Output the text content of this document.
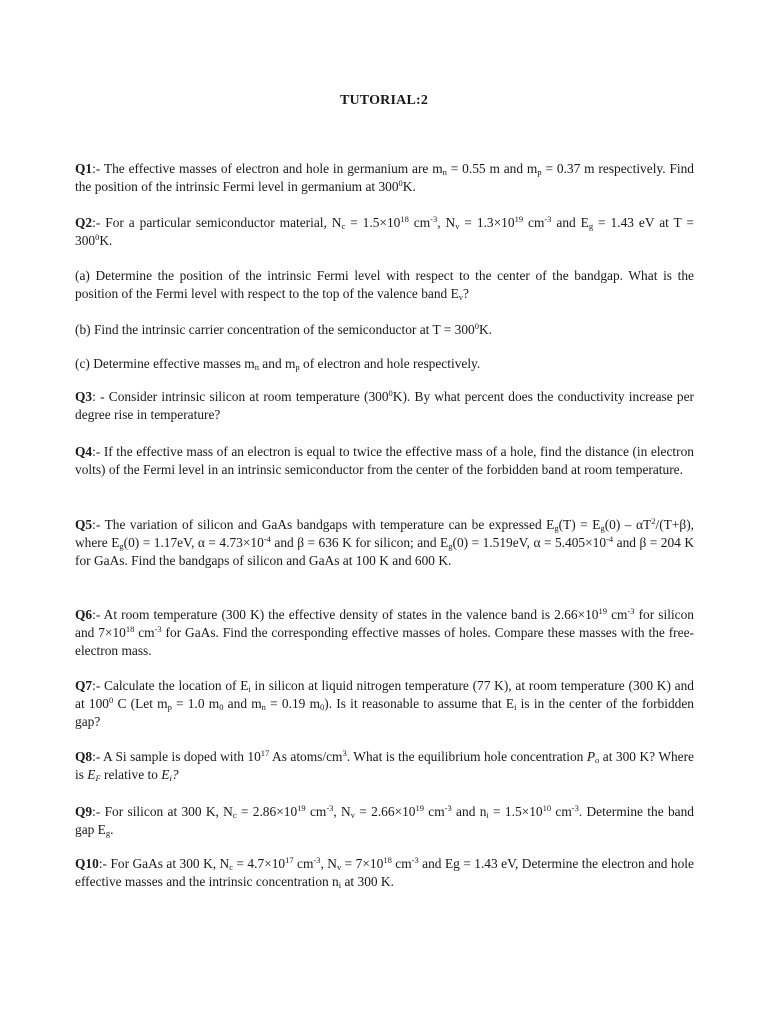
TUTORIAL:2

Q1:- The effective masses of electron and hole in germanium are $m_n = 0.55$ m and $m_p = 0.37$ m respectively. Find the position of the intrinsic Fermi level in germanium at $300^0K$.

Q2:- For a particular semiconductor material, $N_c = 1.5\times 10^{18}$ $cm^{-3}$, $N_v = 1.3\times 10^{19}$ $cm^{-3}$ and $E_g = 1.43$ eV at $T = 300^0K$.

(a) Determine the position of the intrinsic Fermi level with respect to the center of the bandgap. What is the position of the Fermi level with respect to the top of the valence band $E_v$?

(b) Find the intrinsic carrier concentration of the semiconductor at $T = 300^0K$.

(c) Determine effective masses $m_n$ and $m_p$ of electron and hole respectively.

Q3: - Consider intrinsic silicon at room temperature $(300^0K)$. By what percent does the conductivity increase per degree rise in temperature?

Q4:- If the effective mass of an electron is equal to twice the effective mass of a hole, find the distance (in electron volts) of the Fermi level in an intrinsic semiconductor from the center of the forbidden band at room temperature.

Q5:- The variation of silicon and GaAs bandgaps with temperature can be expressed $E_g(T) = E_g(0) - \alpha T^2/(T+\beta)$, where $E_g(0) = 1.17eV$, $\alpha = 4.73\times 10^{-4}$ and β = 636 K for silicon; and $E_g(0) = 1.519eV$, $\alpha = 5.405\times 10^{-4}$ and β = 204 K for GaAs. Find the bandgaps of silicon and GaAs at 100 K and 600 K.

Q6:- At room temperature (300 K) the effective density of states in the valence band is $2.66\times 10^{19}$ $cm^{-3}$ for silicon and $7\times 10^{18}$ $cm^{-3}$ for GaAs. Find the corresponding effective masses of holes. Compare these masses with the free-electron mass.

Q7:- Calculate the location of $E_i$ in silicon at liquid nitrogen temperature (77 K), at room temperature (300 K) and at $100^0$ C (Let $m_p = 1.0$ $m_0$ and $m_n = 0.19$ $m_0$). Is it reasonable to assume that $E_i$ is in the center of the forbidden gap?

Q8:- A Si sample is doped with $10^{17}$ As atoms/$cm^3$. What is the equilibrium hole concentration $P_o$ at 300 K? Where is $E_F$ relative to $E_i$?

Q9:- For silicon at 300 K, $N_c = 2.86\times 10^{19}$ $cm^{-3}$, $N_v = 2.66\times 10^{19}$ $cm^{-3}$ and $n_i = 1.5\times 10^{10}$ $cm^{-3}$. Determine the band gap $E_g$.

Q10:- For GaAs at 300 K, $N_c = 4.7\times 10^{17}$ $cm^{-3}$, $N_v = 7\times 10^{18}$ $cm^{-3}$ and Eg = 1.43 eV, Determine the electron and hole effective masses and the intrinsic concentration $n_i$ at 300 K.
